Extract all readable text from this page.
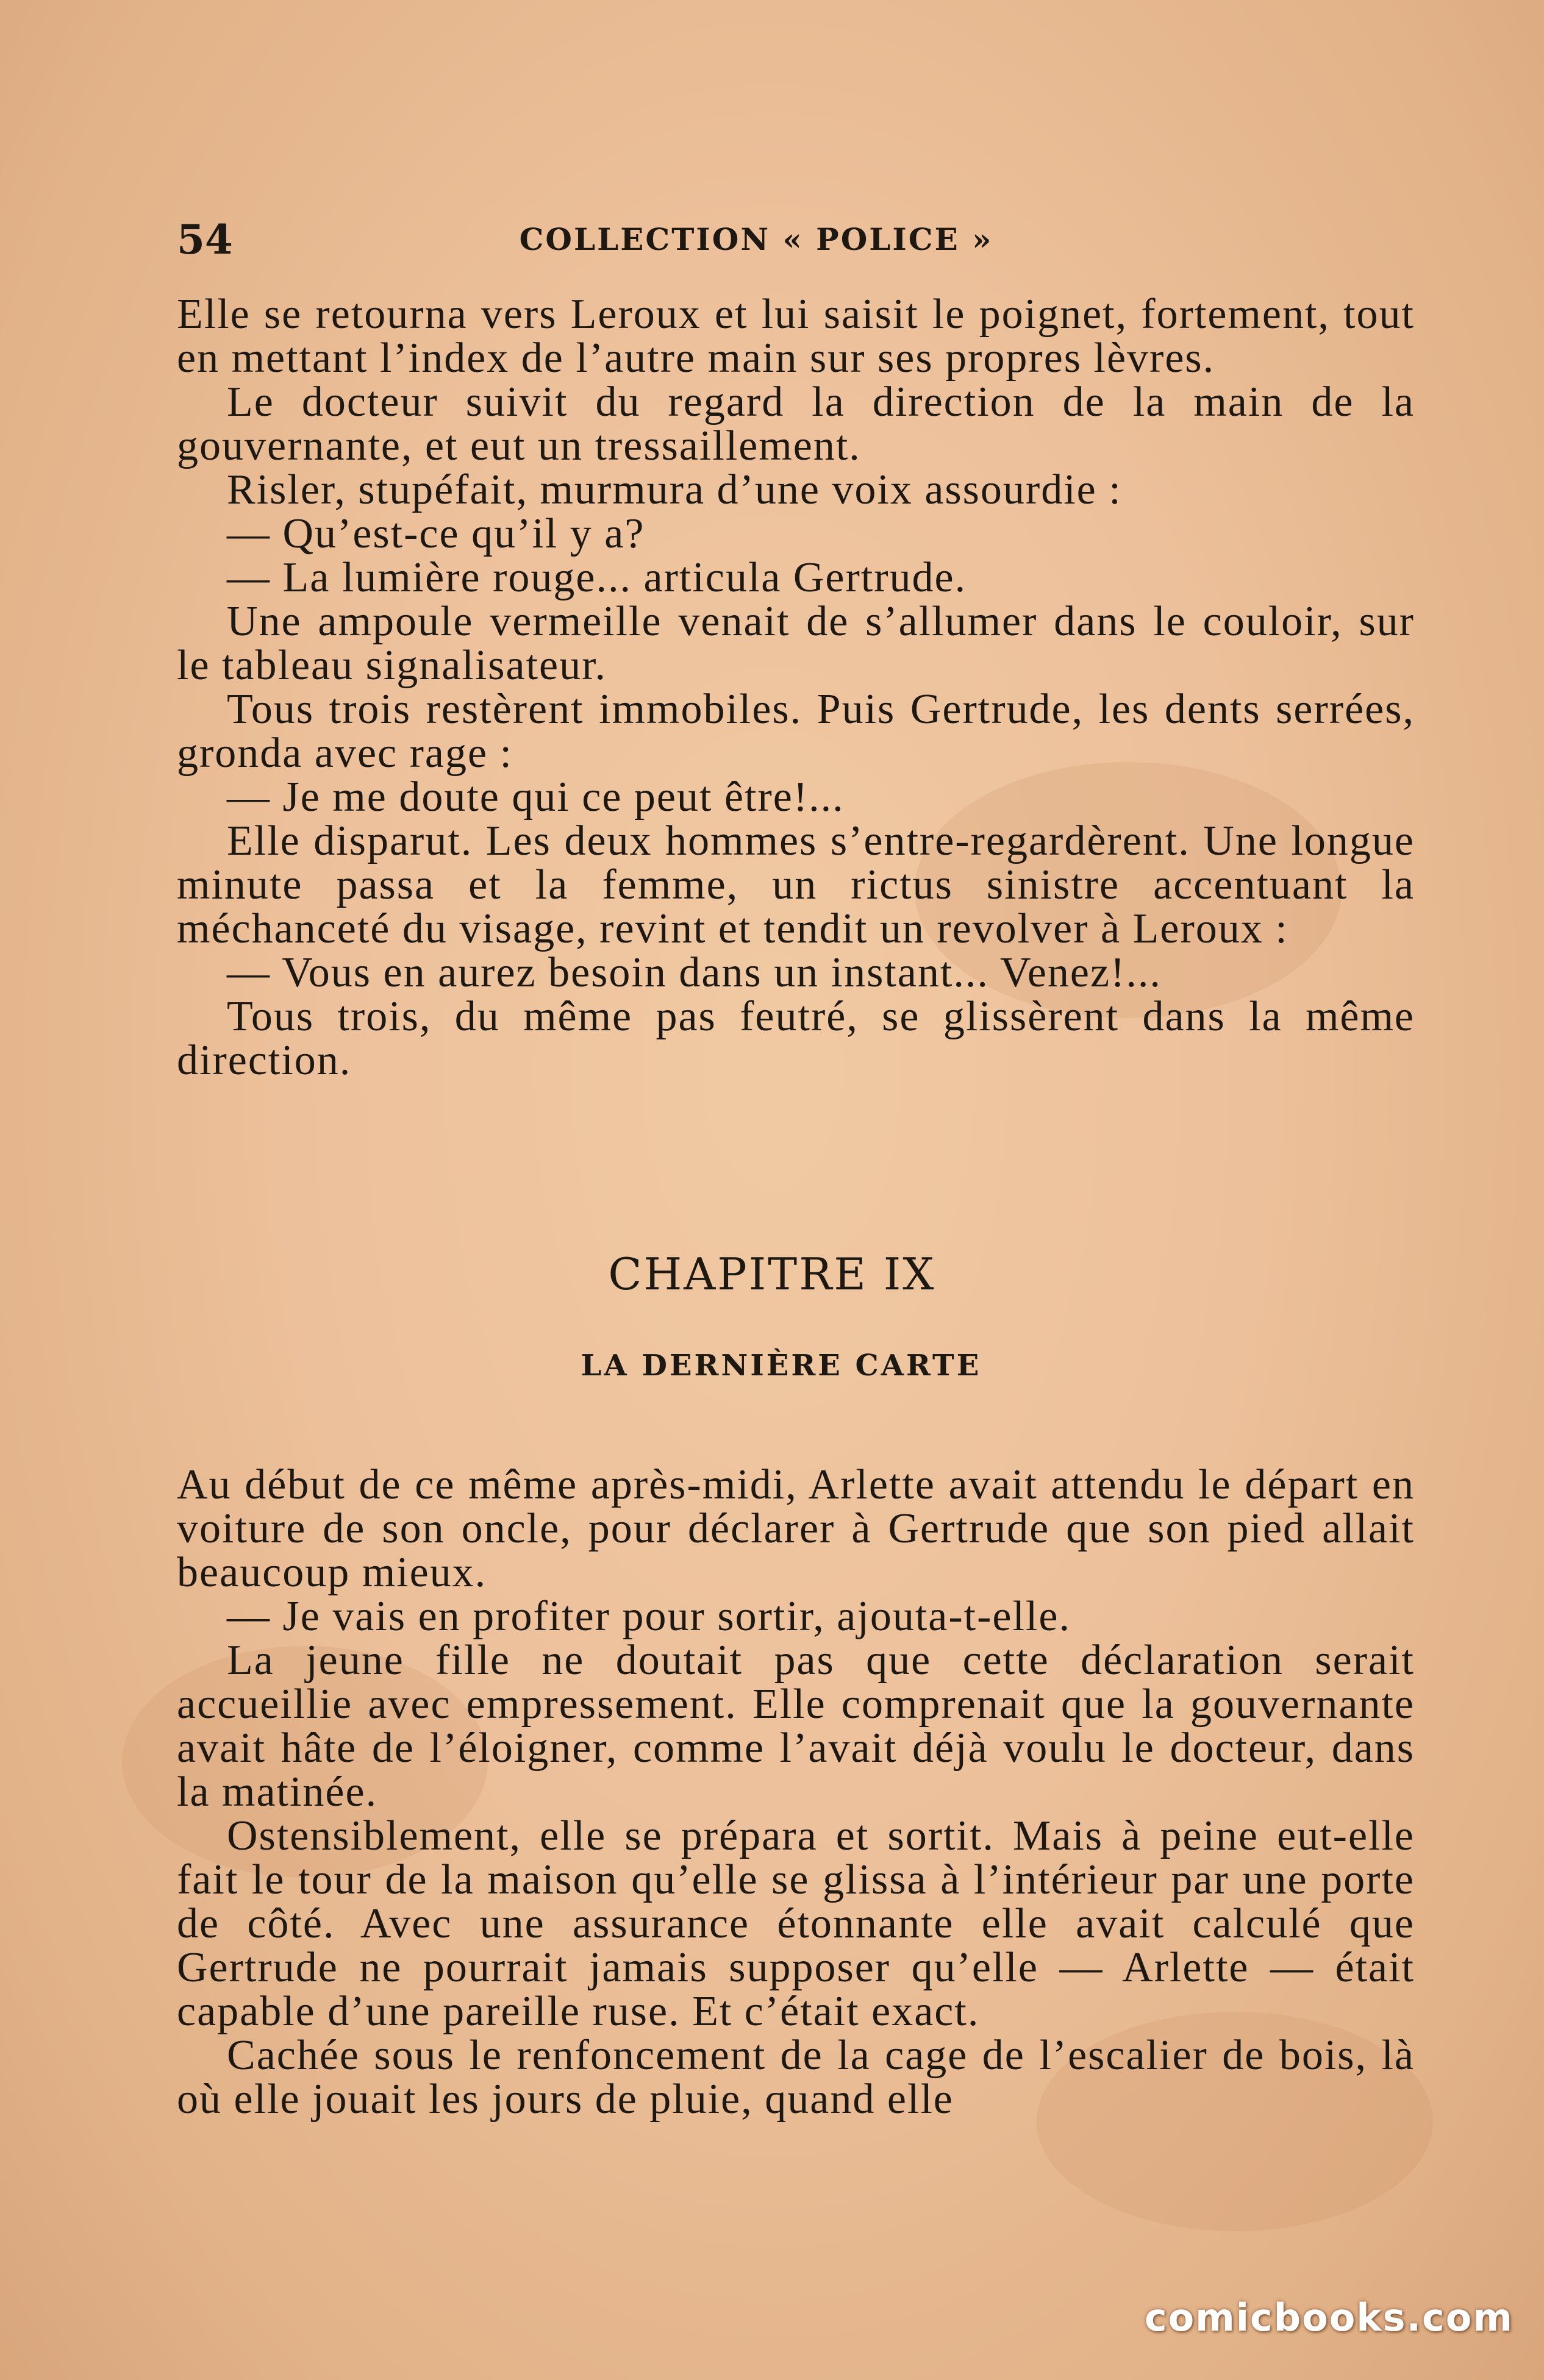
54	COLLECTION « POLICE »

Elle se retourna vers Leroux et lui saisit le poignet, fortement, tout en mettant l’index de l’autre main sur ses propres lèvres.

Le docteur suivit du regard la direction de la main de la gouvernante, et eut un tressaillement.

Risler, stupéfait, murmura d’une voix assourdie :

— Qu’est-ce qu’il y a?

— La lumière rouge... articula Gertrude.

Une ampoule vermeille venait de s’allumer dans le couloir, sur le tableau signalisateur.

Tous trois restèrent immobiles. Puis Gertrude, les dents serrées, gronda avec rage :

— Je me doute qui ce peut être!...

Elle disparut. Les deux hommes s’entre-regardèrent. Une longue minute passa et la femme, un rictus sinistre accentuant la méchanceté du visage, revint et tendit un revolver à Leroux :

— Vous en aurez besoin dans un instant... Venez!...

Tous trois, du même pas feutré, se glissèrent dans la même direction.

CHAPITRE IX
LA DERNIÈRE CARTE

Au début de ce même après-midi, Arlette avait attendu le départ en voiture de son oncle, pour déclarer à Gertrude que son pied allait beaucoup mieux.

— Je vais en profiter pour sortir, ajouta-t-elle.

La jeune fille ne doutait pas que cette déclaration serait accueillie avec empressement. Elle comprenait que la gouvernante avait hâte de l’éloigner, comme l’avait déjà voulu le docteur, dans la matinée.

Ostensiblement, elle se prépara et sortit. Mais à peine eut-elle fait le tour de la maison qu’elle se glissa à l’intérieur par une porte de côté. Avec une assurance étonnante elle avait calculé que Gertrude ne pourrait jamais supposer qu’elle — Arlette — était capable d’une pareille ruse. Et c’était exact.

Cachée sous le renfoncement de la cage de l’escalier de bois, là où elle jouait les jours de pluie, quand elle

comicbooks.com
